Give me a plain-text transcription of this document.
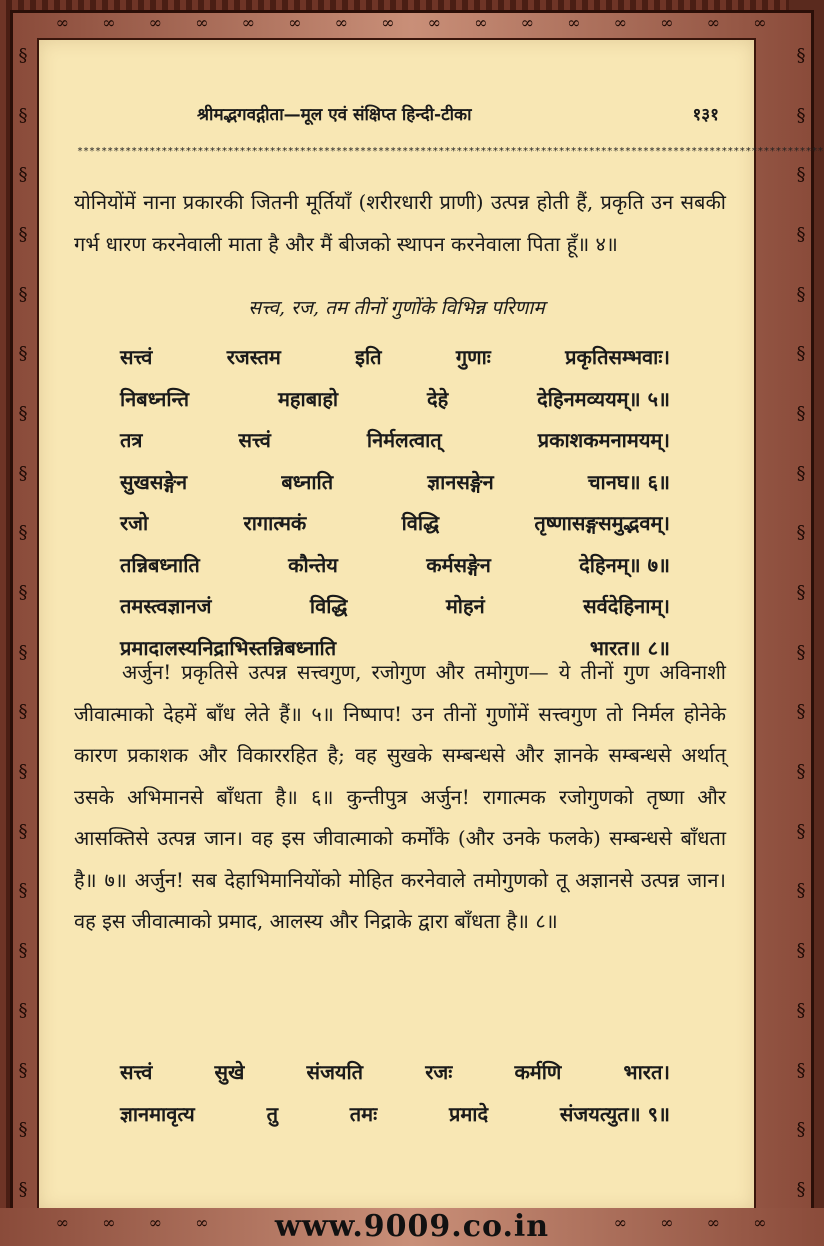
§
§
§
§
§
§
§
§
§
§
§
§
§
§
§
§
§
§
§
§
§
§
§
§
§
§
§
§
§
§
§
§
§
§
§
§
§
§
§
§
∞ ∞ ∞ ∞ ∞ ∞ ∞ ∞ ∞ ∞ ∞ ∞ ∞ ∞ ∞ ∞
श्रीमद्भगवद्गीता—मूल एवं संक्षिप्त हिन्दी-टीका	१३१
****************************************************************************************************************************
योनियोंमें नाना प्रकारकी जितनी मूर्तियाँ (शरीरधारी प्राणी) उत्पन्न होती हैं, प्रकृति उन सबकी गर्भ धारण करनेवाली माता है और मैं बीजको स्थापन करनेवाला पिता हूँ॥ ४॥
सत्त्व, रज, तम तीनों गुणोंके विभिन्न परिणाम
सत्त्वं	रजस्तम	इति	गुणाः	प्रकृतिसम्भवाः।
निबध्नन्ति	महाबाहो	देहे	देहिनमव्ययम्॥ ५॥
तत्र	सत्त्वं	निर्मलत्वात्	प्रकाशकमनामयम्।
सुखसङ्गेन	बध्नाति	ज्ञानसङ्गेन	चानघ॥ ६॥
रजो	रागात्मकं	विद्धि	तृष्णासङ्गसमुद्भवम्।
तन्निबध्नाति	कौन्तेय	कर्मसङ्गेन	देहिनम्॥ ७॥
तमस्त्वज्ञानजं	विद्धि	मोहनं	सर्वदेहिनाम्।
प्रमादालस्यनिद्राभिस्तन्निबध्नाति	भारत॥ ८॥
अर्जुन! प्रकृतिसे उत्पन्न सत्त्वगुण, रजोगुण और तमोगुण— ये तीनों गुण अविनाशी जीवात्माको देहमें बाँध लेते हैं॥ ५॥ निष्पाप! उन तीनों गुणोंमें सत्त्वगुण तो निर्मल होनेके कारण प्रकाशक और विकाररहित है; वह सुखके सम्बन्धसे और ज्ञानके सम्बन्धसे अर्थात् उसके अभिमानसे बाँधता है॥ ६॥ कुन्तीपुत्र अर्जुन! रागात्मक रजोगुणको तृष्णा और आसक्तिसे उत्पन्न जान। वह इस जीवात्माको कर्मोंके (और उनके फलके) सम्बन्धसे बाँधता है॥ ७॥ अर्जुन! सब देहाभिमानियोंको मोहित करनेवाले तमोगुणको तू अज्ञानसे उत्पन्न जान। वह इस जीवात्माको प्रमाद, आलस्य और निद्राके द्वारा बाँधता है॥ ८॥
सत्त्वं	सुखे	संजयति	रजः	कर्मणि	भारत।
ज्ञानमावृत्य	तु	तमः	प्रमादे	संजयत्युत॥ ९॥
∞ ∞ ∞ ∞	∞ ∞ ∞ ∞
www.9009.co.in
